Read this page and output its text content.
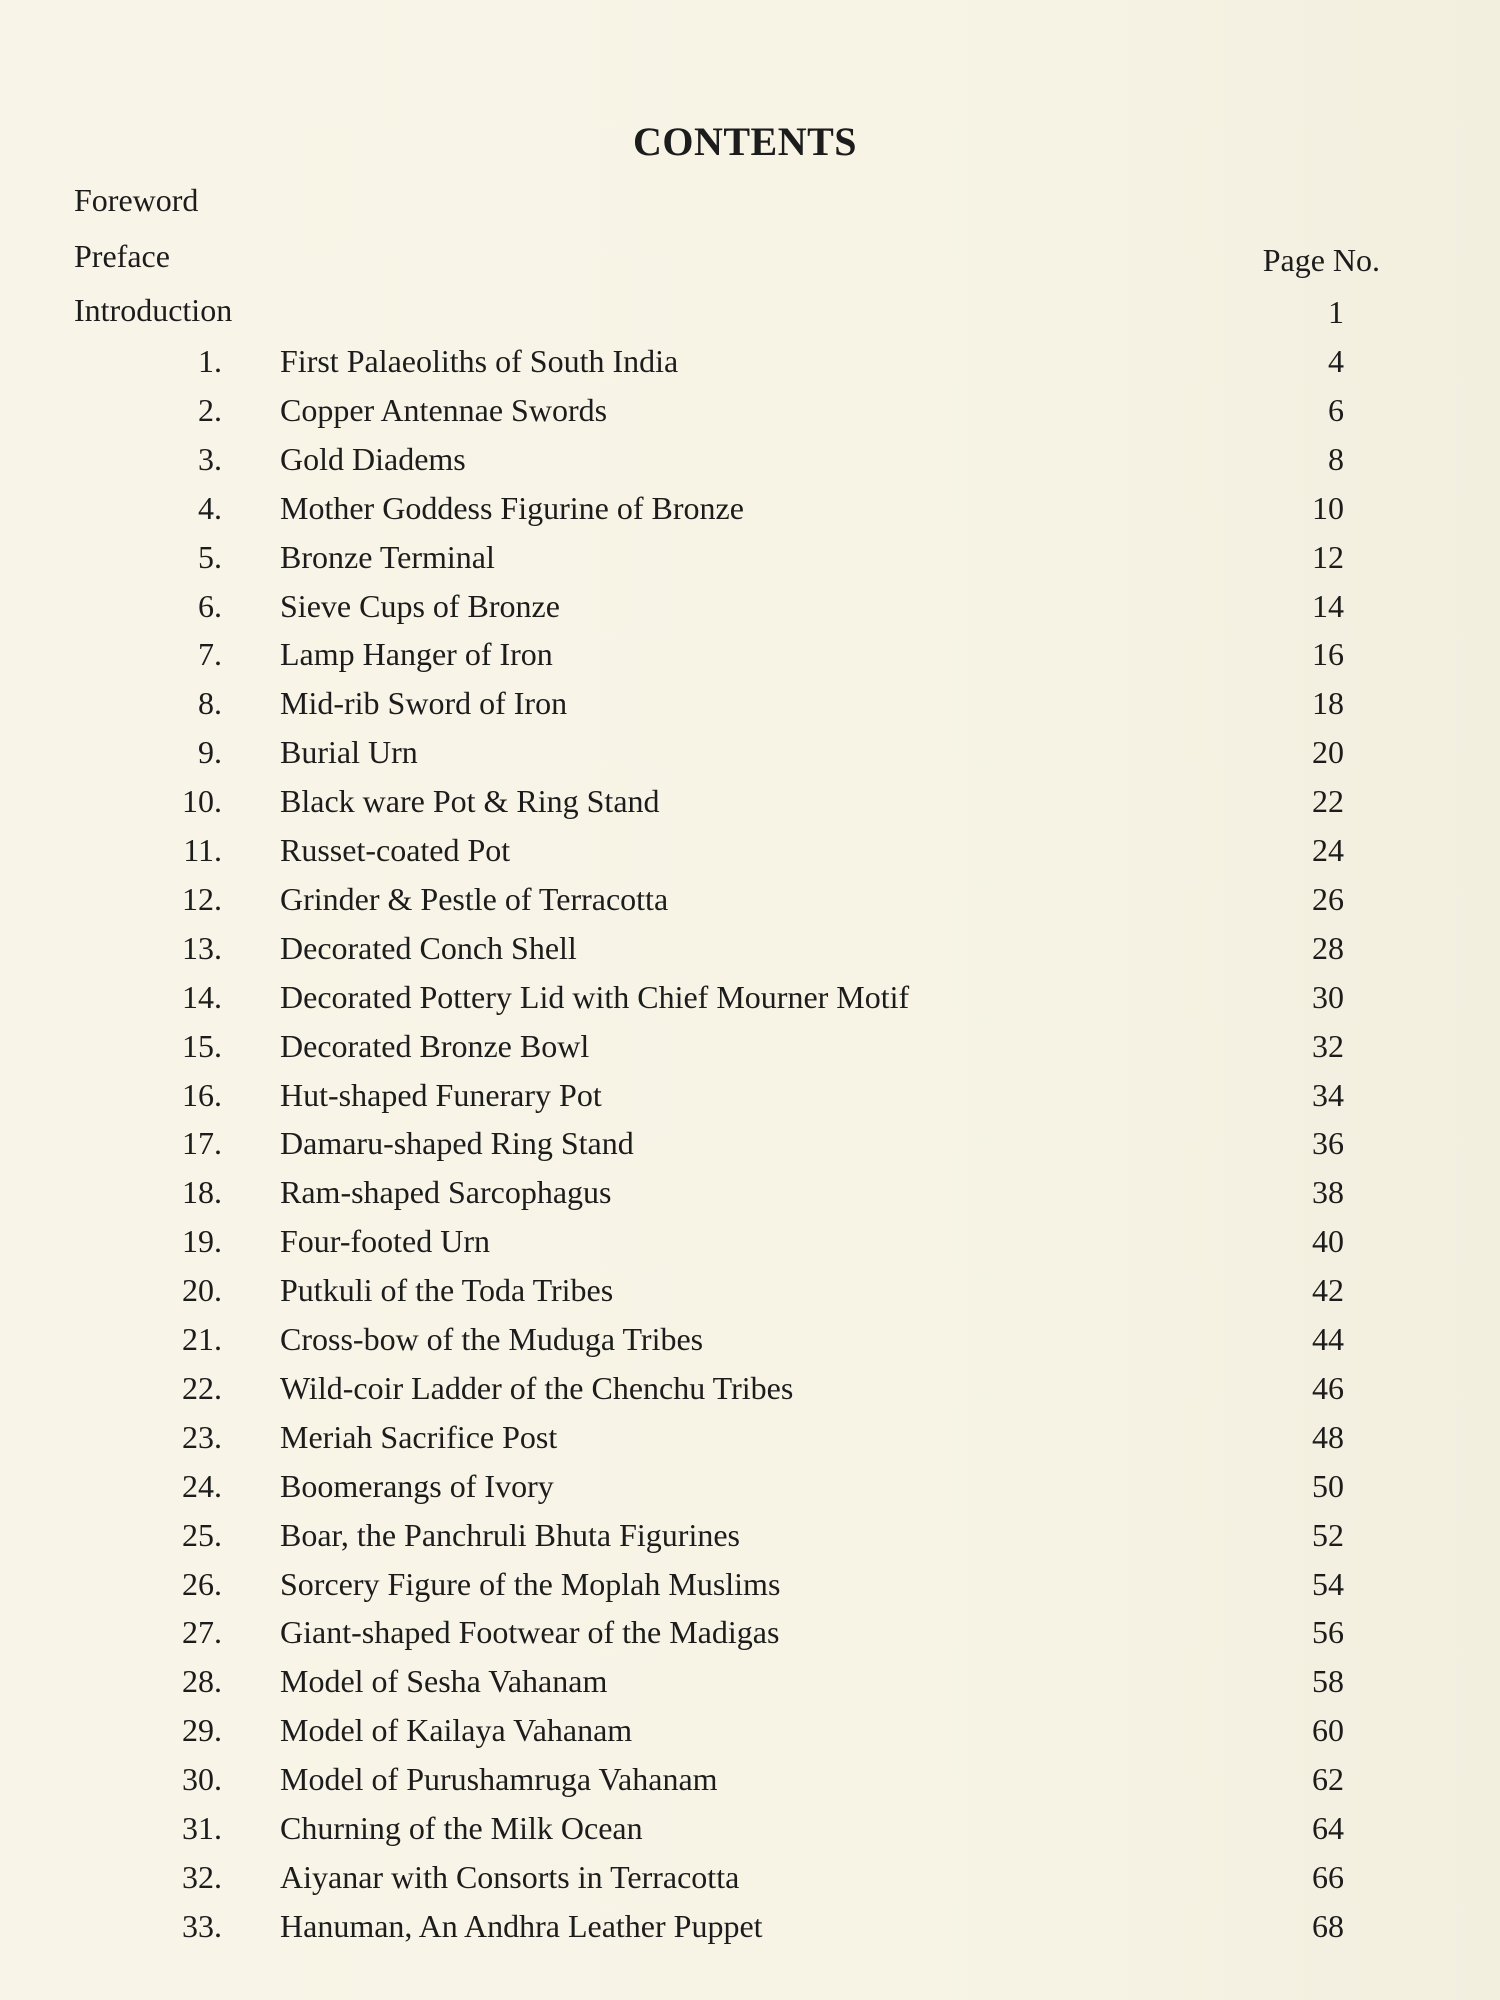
CONTENTS
Foreword
Preface	Page No.
Introduction	1
1. First Palaeoliths of South India	4
2. Copper Antennae Swords	6
3. Gold Diadems	8
4. Mother Goddess Figurine of Bronze	10
5. Bronze Terminal	12
6. Sieve Cups of Bronze	14
7. Lamp Hanger of Iron	16
8. Mid-rib Sword of Iron	18
9. Burial Urn	20
10. Black ware Pot & Ring Stand	22
11. Russet-coated Pot	24
12. Grinder & Pestle of Terracotta	26
13. Decorated Conch Shell	28
14. Decorated Pottery Lid with Chief Mourner Motif	30
15. Decorated Bronze Bowl	32
16. Hut-shaped Funerary Pot	34
17. Damaru-shaped Ring Stand	36
18. Ram-shaped Sarcophagus	38
19. Four-footed Urn	40
20. Putkuli of the Toda Tribes	42
21. Cross-bow of the Muduga Tribes	44
22. Wild-coir Ladder of the Chenchu Tribes	46
23. Meriah Sacrifice Post	48
24. Boomerangs of Ivory	50
25. Boar, the Panchruli Bhuta Figurines	52
26. Sorcery Figure of the Moplah Muslims	54
27. Giant-shaped Footwear of the Madigas	56
28. Model of Sesha Vahanam	58
29. Model of Kailaya Vahanam	60
30. Model of Purushamruga Vahanam	62
31. Churning of the Milk Ocean	64
32. Aiyanar with Consorts in Terracotta	66
33. Hanuman, An Andhra Leather Puppet	68
